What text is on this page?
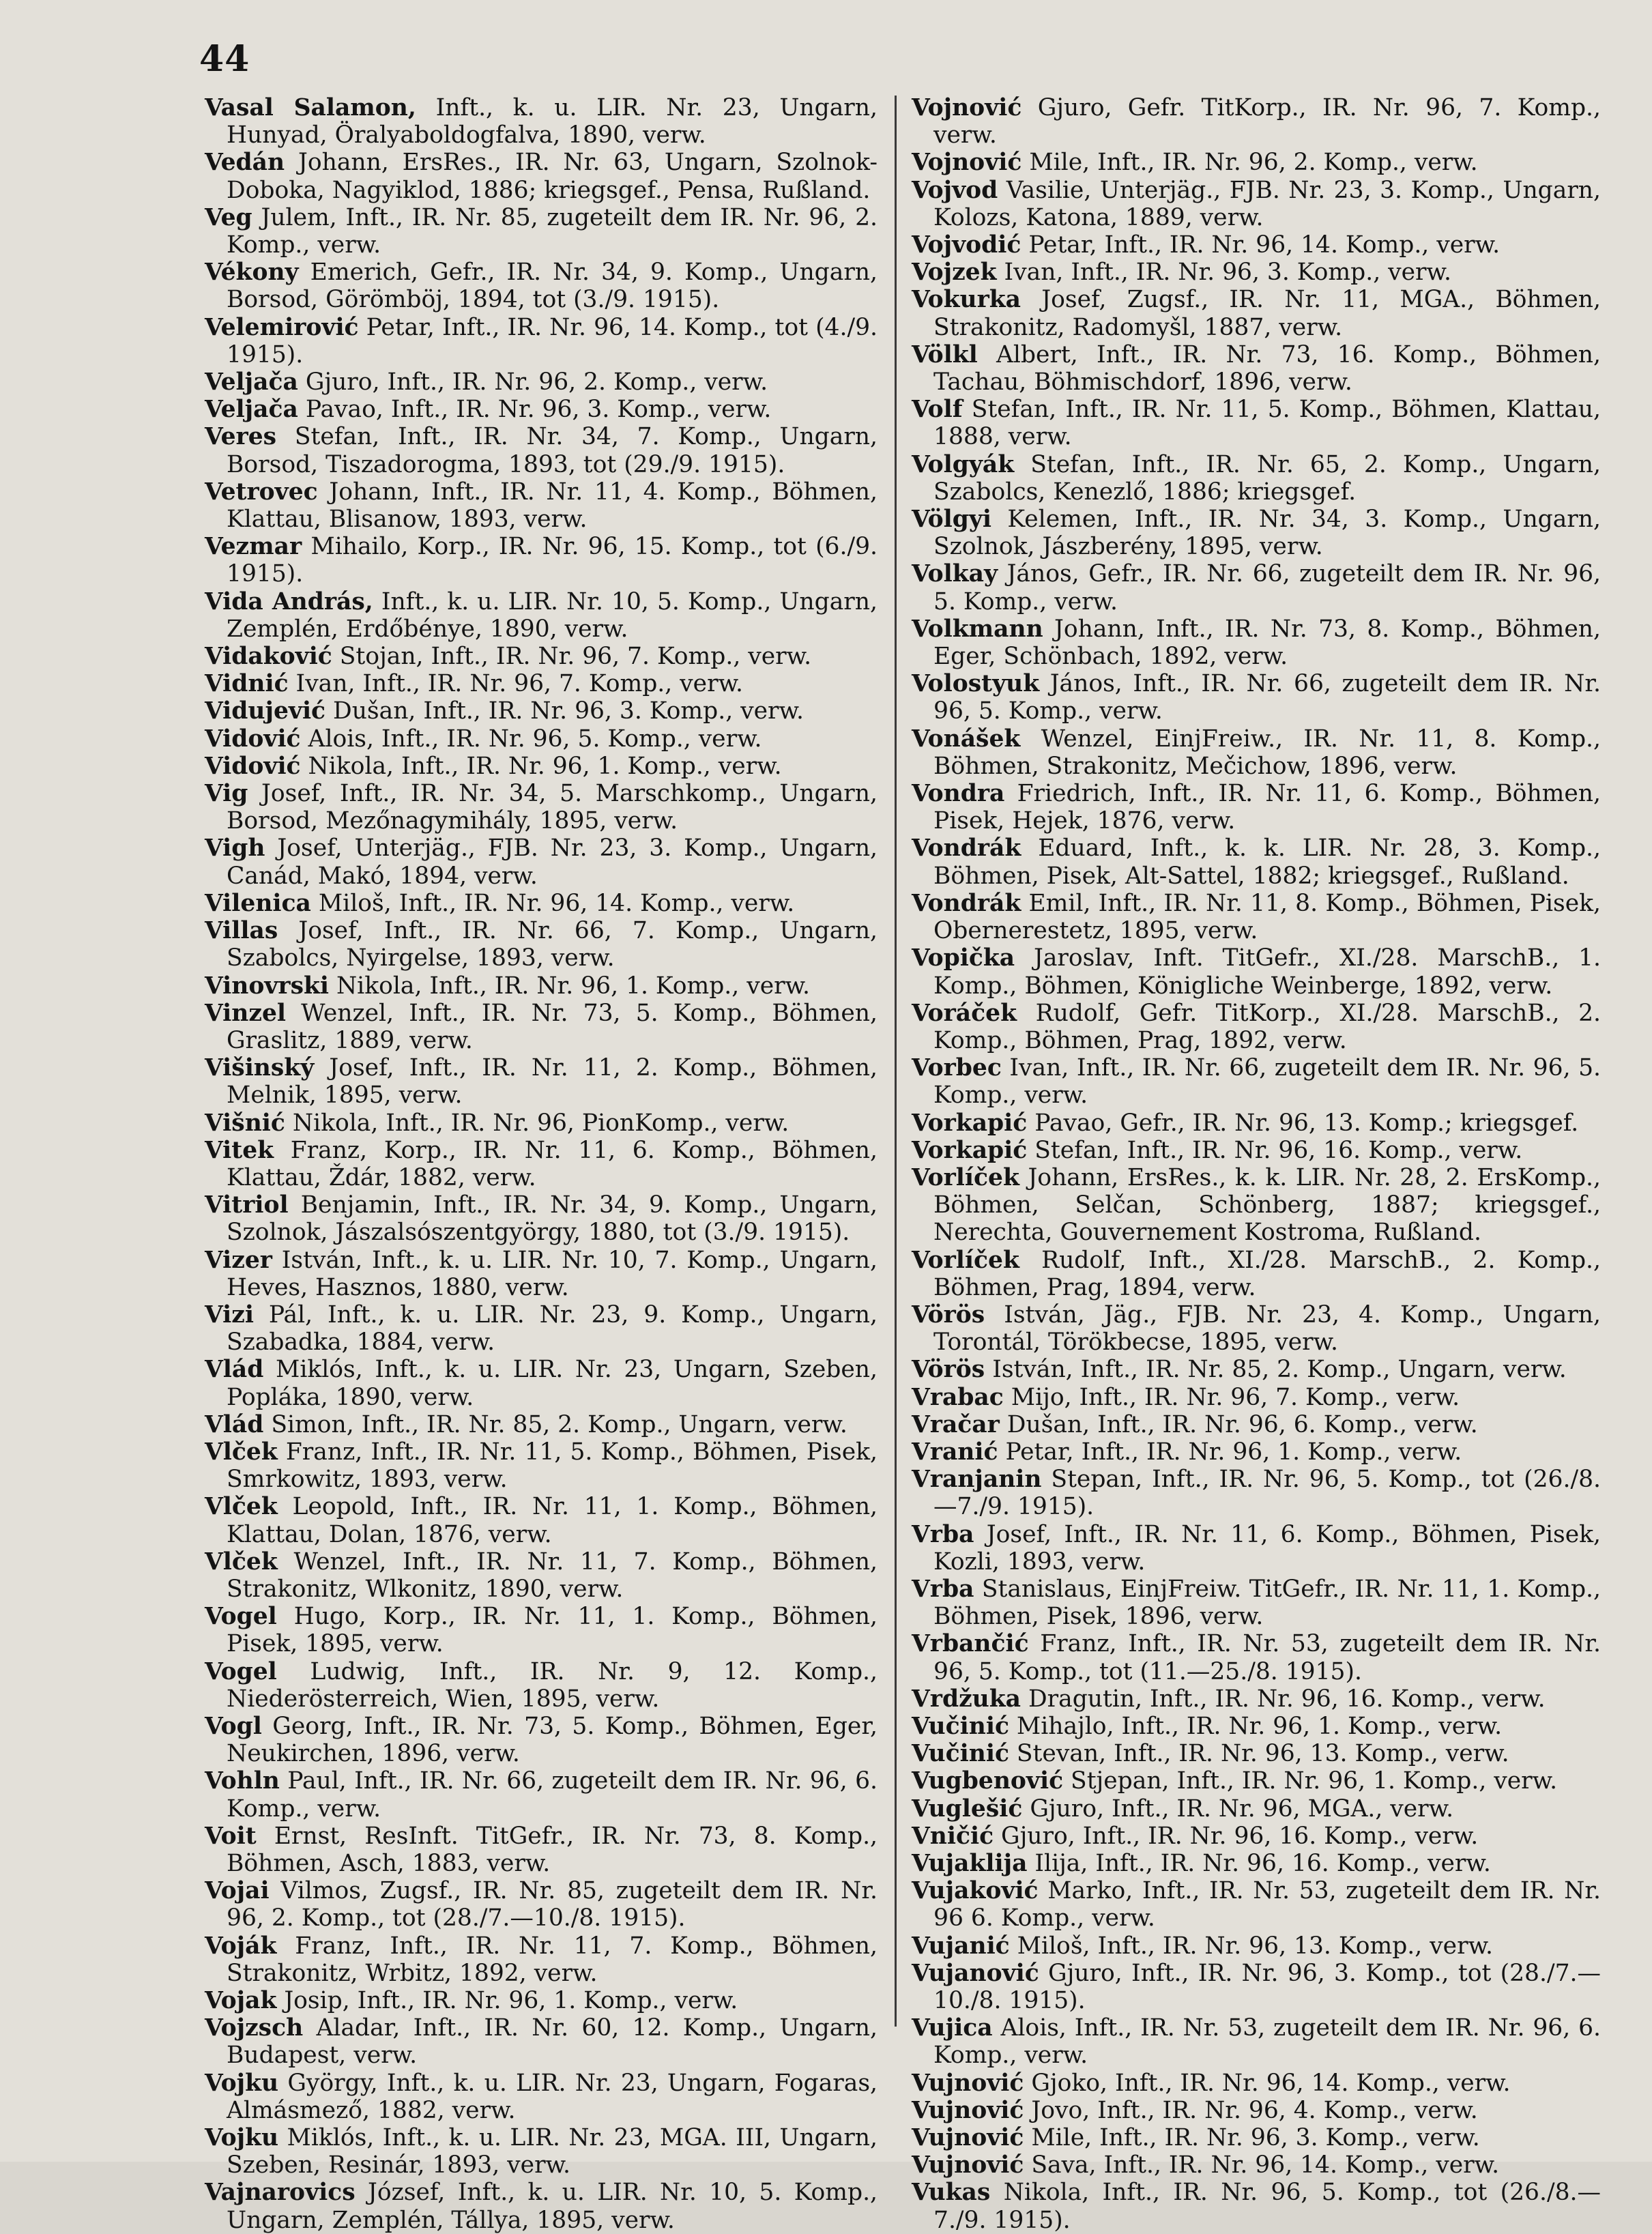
44

Vasal Salamon, Inft., k. u. LIR. Nr. 23, Ungarn, Hunyad, Öralyaboldogfalva, 1890, verw.

Vedán Johann, ErsRes., IR. Nr. 63, Ungarn, Szolnok-Doboka, Nagyiklod, 1886; kriegsgef., Pensa, Rußland.

Veg Julem, Inft., IR. Nr. 85, zugeteilt dem IR. Nr. 96, 2. Komp., verw.

Vékony Emerich, Gefr., IR. Nr. 34, 9. Komp., Ungarn, Borsod, Görömböj, 1894, tot (3./9. 1915).

Velemirović Petar, Inft., IR. Nr. 96, 14. Komp., tot (4./9. 1915).

Veljača Gjuro, Inft., IR. Nr. 96, 2. Komp., verw.

Veljača Pavao, Inft., IR. Nr. 96, 3. Komp., verw.

Veres Stefan, Inft., IR. Nr. 34, 7. Komp., Ungarn, Borsod, Tiszadorogma, 1893, tot (29./9. 1915).

Vetrovec Johann, Inft., IR. Nr. 11, 4. Komp., Böhmen, Klattau, Blisanow, 1893, verw.

Vezmar Mihailo, Korp., IR. Nr. 96, 15. Komp., tot (6./9. 1915).

Vida András, Inft., k. u. LIR. Nr. 10, 5. Komp., Ungarn, Zemplén, Erdőbénye, 1890, verw.

Vidaković Stojan, Inft., IR. Nr. 96, 7. Komp., verw.

Vidnić Ivan, Inft., IR. Nr. 96, 7. Komp., verw.

Vidujević Dušan, Inft., IR. Nr. 96, 3. Komp., verw.

Vidović Alois, Inft., IR. Nr. 96, 5. Komp., verw.

Vidović Nikola, Inft., IR. Nr. 96, 1. Komp., verw.

Vig Josef, Inft., IR. Nr. 34, 5. Marschkomp., Ungarn, Borsod, Mezőnagymihály, 1895, verw.

Vigh Josef, Unterjäg., FJB. Nr. 23, 3. Komp., Ungarn, Canád, Makó, 1894, verw.

Vilenica Miloš, Inft., IR. Nr. 96, 14. Komp., verw.

Villas Josef, Inft., IR. Nr. 66, 7. Komp., Ungarn, Szabolcs, Nyirgelse, 1893, verw.

Vinovrski Nikola, Inft., IR. Nr. 96, 1. Komp., verw.

Vinzel Wenzel, Inft., IR. Nr. 73, 5. Komp., Böhmen, Graslitz, 1889, verw.

Višinský Josef, Inft., IR. Nr. 11, 2. Komp., Böhmen, Melnik, 1895, verw.

Višnić Nikola, Inft., IR. Nr. 96, PionKomp., verw.

Vitek Franz, Korp., IR. Nr. 11, 6. Komp., Böhmen, Klattau, Ždár, 1882, verw.

Vitriol Benjamin, Inft., IR. Nr. 34, 9. Komp., Ungarn, Szolnok, Jászalsószentgyörgy, 1880, tot (3./9. 1915).

Vizer István, Inft., k. u. LIR. Nr. 10, 7. Komp., Ungarn, Heves, Hasznos, 1880, verw.

Vizi Pál, Inft., k. u. LIR. Nr. 23, 9. Komp., Ungarn, Szabadka, 1884, verw.

Vlád Miklós, Inft., k. u. LIR. Nr. 23, Ungarn, Szeben, Popláka, 1890, verw.

Vlád Simon, Inft., IR. Nr. 85, 2. Komp., Ungarn, verw.

Vlček Franz, Inft., IR. Nr. 11, 5. Komp., Böhmen, Pisek, Smrkowitz, 1893, verw.

Vlček Leopold, Inft., IR. Nr. 11, 1. Komp., Böhmen, Klattau, Dolan, 1876, verw.

Vlček Wenzel, Inft., IR. Nr. 11, 7. Komp., Böhmen, Strakonitz, Wlkonitz, 1890, verw.

Vogel Hugo, Korp., IR. Nr. 11, 1. Komp., Böhmen, Pisek, 1895, verw.

Vogel Ludwig, Inft., IR. Nr. 9, 12. Komp., Niederösterreich, Wien, 1895, verw.

Vogl Georg, Inft., IR. Nr. 73, 5. Komp., Böhmen, Eger, Neukirchen, 1896, verw.

Vohln Paul, Inft., IR. Nr. 66, zugeteilt dem IR. Nr. 96, 6. Komp., verw.

Voit Ernst, ResInft. TitGefr., IR. Nr. 73, 8. Komp., Böhmen, Asch, 1883, verw.

Vojai Vilmos, Zugsf., IR. Nr. 85, zugeteilt dem IR. Nr. 96, 2. Komp., tot (28./7.—10./8. 1915).

Voják Franz, Inft., IR. Nr. 11, 7. Komp., Böhmen, Strakonitz, Wrbitz, 1892, verw.

Vojak Josip, Inft., IR. Nr. 96, 1. Komp., verw.

Vojzsch Aladar, Inft., IR. Nr. 60, 12. Komp., Ungarn, Budapest, verw.

Vojku György, Inft., k. u. LIR. Nr. 23, Ungarn, Fogaras, Almásmező, 1882, verw.

Vojku Miklós, Inft., k. u. LIR. Nr. 23, MGA. III, Ungarn, Szeben, Resinár, 1893, verw.

Vajnarovics József, Inft., k. u. LIR. Nr. 10, 5. Komp., Ungarn, Zemplén, Tállya, 1895, verw.

Vojnović Gjuro, Gefr. TitKorp., IR. Nr. 96, 7. Komp., verw.

Vojnović Mile, Inft., IR. Nr. 96, 2. Komp., verw.

Vojvod Vasilie, Unterjäg., FJB. Nr. 23, 3. Komp., Ungarn, Kolozs, Katona, 1889, verw.

Vojvodić Petar, Inft., IR. Nr. 96, 14. Komp., verw.

Vojzek Ivan, Inft., IR. Nr. 96, 3. Komp., verw.

Vokurka Josef, Zugsf., IR. Nr. 11, MGA., Böhmen, Strakonitz, Radomyšl, 1887, verw.

Völkl Albert, Inft., IR. Nr. 73, 16. Komp., Böhmen, Tachau, Böhmischdorf, 1896, verw.

Volf Stefan, Inft., IR. Nr. 11, 5. Komp., Böhmen, Klattau, 1888, verw.

Volgyák Stefan, Inft., IR. Nr. 65, 2. Komp., Ungarn, Szabolcs, Kenezlő, 1886; kriegsgef.

Völgyi Kelemen, Inft., IR. Nr. 34, 3. Komp., Ungarn, Szolnok, Jászberény, 1895, verw.

Volkay János, Gefr., IR. Nr. 66, zugeteilt dem IR. Nr. 96, 5. Komp., verw.

Volkmann Johann, Inft., IR. Nr. 73, 8. Komp., Böhmen, Eger, Schönbach, 1892, verw.

Volostyuk János, Inft., IR. Nr. 66, zugeteilt dem IR. Nr. 96, 5. Komp., verw.

Vonášek Wenzel, EinjFreiw., IR. Nr. 11, 8. Komp., Böhmen, Strakonitz, Mečichow, 1896, verw.

Vondra Friedrich, Inft., IR. Nr. 11, 6. Komp., Böhmen, Pisek, Hejek, 1876, verw.

Vondrák Eduard, Inft., k. k. LIR. Nr. 28, 3. Komp., Böhmen, Pisek, Alt-Sattel, 1882; kriegsgef., Rußland.

Vondrák Emil, Inft., IR. Nr. 11, 8. Komp., Böhmen, Pisek, Obernerestetz, 1895, verw.

Vopička Jaroslav, Inft. TitGefr., XI./28. MarschB., 1. Komp., Böhmen, Königliche Weinberge, 1892, verw.

Voráček Rudolf, Gefr. TitKorp., XI./28. MarschB., 2. Komp., Böhmen, Prag, 1892, verw.

Vorbec Ivan, Inft., IR. Nr. 66, zugeteilt dem IR. Nr. 96, 5. Komp., verw.

Vorkapić Pavao, Gefr., IR. Nr. 96, 13. Komp.; kriegsgef.

Vorkapić Stefan, Inft., IR. Nr. 96, 16. Komp., verw.

Vorlíček Johann, ErsRes., k. k. LIR. Nr. 28, 2. ErsKomp., Böhmen, Selčan, Schönberg, 1887; kriegsgef., Nerechta, Gouvernement Kostroma, Rußland.

Vorlíček Rudolf, Inft., XI./28. MarschB., 2. Komp., Böhmen, Prag, 1894, verw.

Vörös István, Jäg., FJB. Nr. 23, 4. Komp., Ungarn, Torontál, Törökbecse, 1895, verw.

Vörös István, Inft., IR. Nr. 85, 2. Komp., Ungarn, verw.

Vrabac Mijo, Inft., IR. Nr. 96, 7. Komp., verw.

Vračar Dušan, Inft., IR. Nr. 96, 6. Komp., verw.

Vranić Petar, Inft., IR. Nr. 96, 1. Komp., verw.

Vranjanin Stepan, Inft., IR. Nr. 96, 5. Komp., tot (26./8.—7./9. 1915).

Vrba Josef, Inft., IR. Nr. 11, 6. Komp., Böhmen, Pisek, Kozli, 1893, verw.

Vrba Stanislaus, EinjFreiw. TitGefr., IR. Nr. 11, 1. Komp., Böhmen, Pisek, 1896, verw.

Vrbančić Franz, Inft., IR. Nr. 53, zugeteilt dem IR. Nr. 96, 5. Komp., tot (11.—25./8. 1915).

Vrdžuka Dragutin, Inft., IR. Nr. 96, 16. Komp., verw.

Vučinić Mihajlo, Inft., IR. Nr. 96, 1. Komp., verw.

Vučinić Stevan, Inft., IR. Nr. 96, 13. Komp., verw.

Vugbenović Stjepan, Inft., IR. Nr. 96, 1. Komp., verw.

Vuglešić Gjuro, Inft., IR. Nr. 96, MGA., verw.

Vničić Gjuro, Inft., IR. Nr. 96, 16. Komp., verw.

Vujaklija Ilija, Inft., IR. Nr. 96, 16. Komp., verw.

Vujaković Marko, Inft., IR. Nr. 53, zugeteilt dem IR. Nr. 96 6. Komp., verw.

Vujanić Miloš, Inft., IR. Nr. 96, 13. Komp., verw.

Vujanović Gjuro, Inft., IR. Nr. 96, 3. Komp., tot (28./7.—10./8. 1915).

Vujica Alois, Inft., IR. Nr. 53, zugeteilt dem IR. Nr. 96, 6. Komp., verw.

Vujnović Gjoko, Inft., IR. Nr. 96, 14. Komp., verw.

Vujnović Jovo, Inft., IR. Nr. 96, 4. Komp., verw.

Vujnović Mile, Inft., IR. Nr. 96, 3. Komp., verw.

Vujnović Sava, Inft., IR. Nr. 96, 14. Komp., verw.

Vukas Nikola, Inft., IR. Nr. 96, 5. Komp., tot (26./8.—7./9. 1915).
